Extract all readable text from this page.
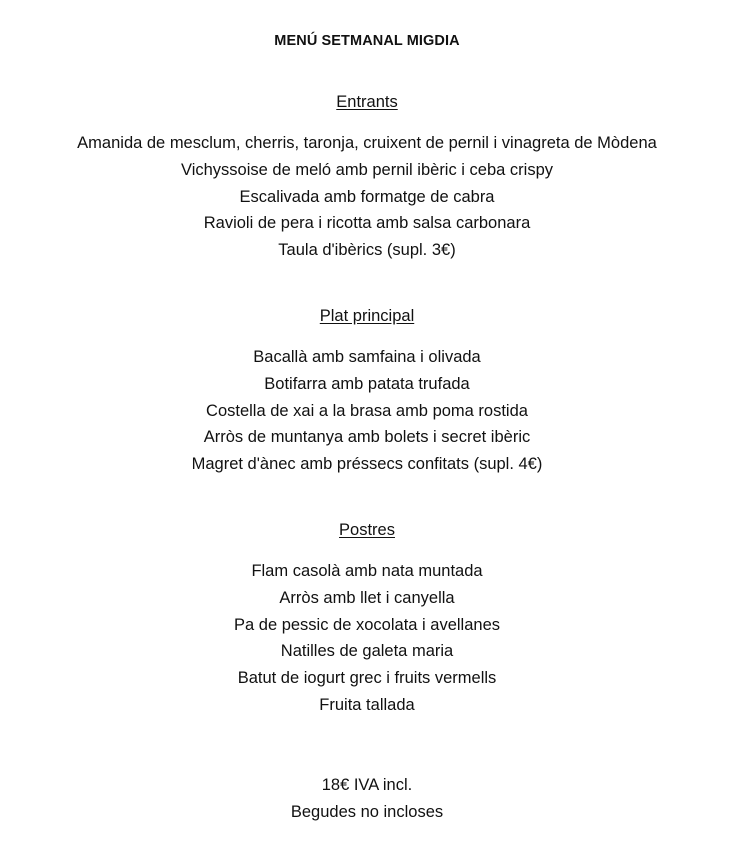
MENÚ SETMANAL MIGDIA
Entrants
Amanida de mesclum, cherris, taronja, cruixent de pernil i vinagreta de Mòdena
Vichyssoise de meló amb pernil ibèric i ceba crispy
Escalivada amb formatge de cabra
Ravioli de pera i ricotta amb salsa carbonara
Taula d'ibèrics (supl. 3€)
Plat principal
Bacallà amb samfaina i olivada
Botifarra amb patata trufada
Costella de xai a la brasa amb poma rostida
Arròs de muntanya amb bolets i secret ibèric
Magret d'ànec amb préssecs confitats (supl. 4€)
Postres
Flam casolà amb nata muntada
Arròs amb llet i canyella
Pa de pessic de xocolata i avellanes
Natilles de galeta maria
Batut de iogurt grec i fruits vermells
Fruita tallada
18€ IVA incl.
Begudes no incloses
